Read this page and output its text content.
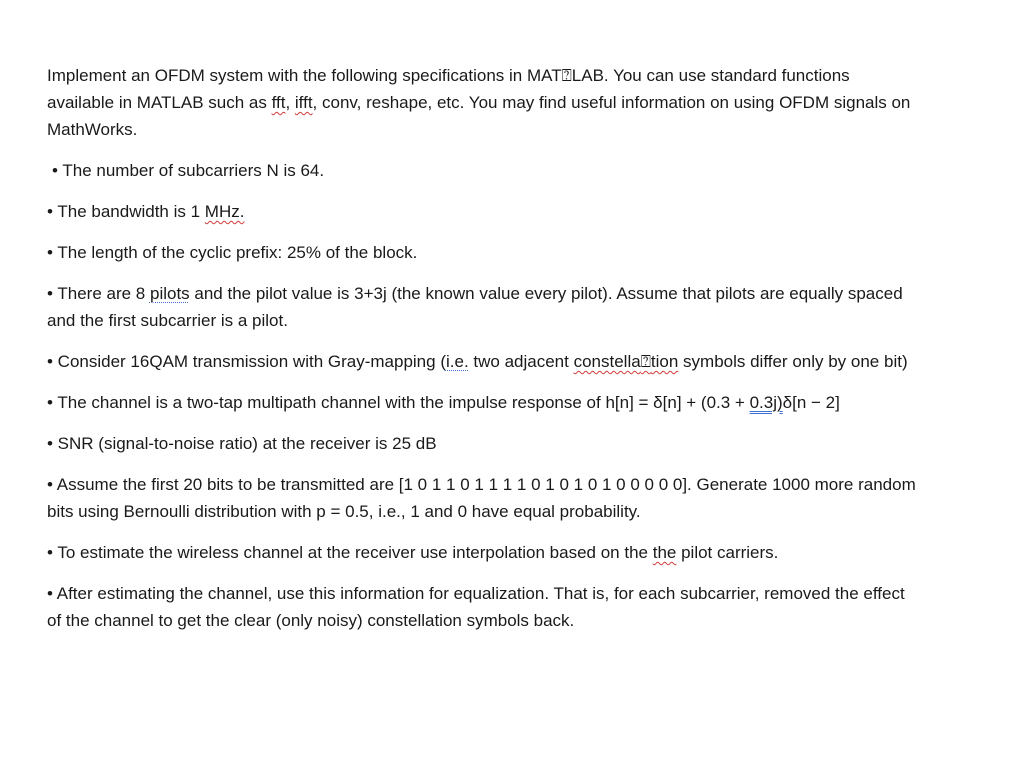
Implement an OFDM system with the following specifications in MAT⍰LAB. You can use standard functions available in MATLAB such as fft, ifft, conv, reshape, etc. You may find useful information on using OFDM signals on MathWorks.

• The number of subcarriers N is 64.

• The bandwidth is 1 MHz.

• The length of the cyclic prefix: 25% of the block.

• There are 8 pilots and the pilot value is 3+3j (the known value every pilot). Assume that pilots are equally spaced and the first subcarrier is a pilot.

• Consider 16QAM transmission with Gray-mapping (i.e. two adjacent constella⍰tion symbols differ only by one bit)

• The channel is a two-tap multipath channel with the impulse response of h[n] = δ[n] + (0.3 + 0.3j)δ[n − 2]

• SNR (signal-to-noise ratio) at the receiver is 25 dB

• Assume the first 20 bits to be transmitted are [1 0 1 1 0 1 1 1 1 0 1 0 1 0 1 0 0 0 0 0]. Generate 1000 more random bits using Bernoulli distribution with p = 0.5, i.e., 1 and 0 have equal probability.

• To estimate the wireless channel at the receiver use interpolation based on the the pilot carriers.

• After estimating the channel, use this information for equalization. That is, for each subcarrier, removed the effect of the channel to get the clear (only noisy) constellation symbols back.
